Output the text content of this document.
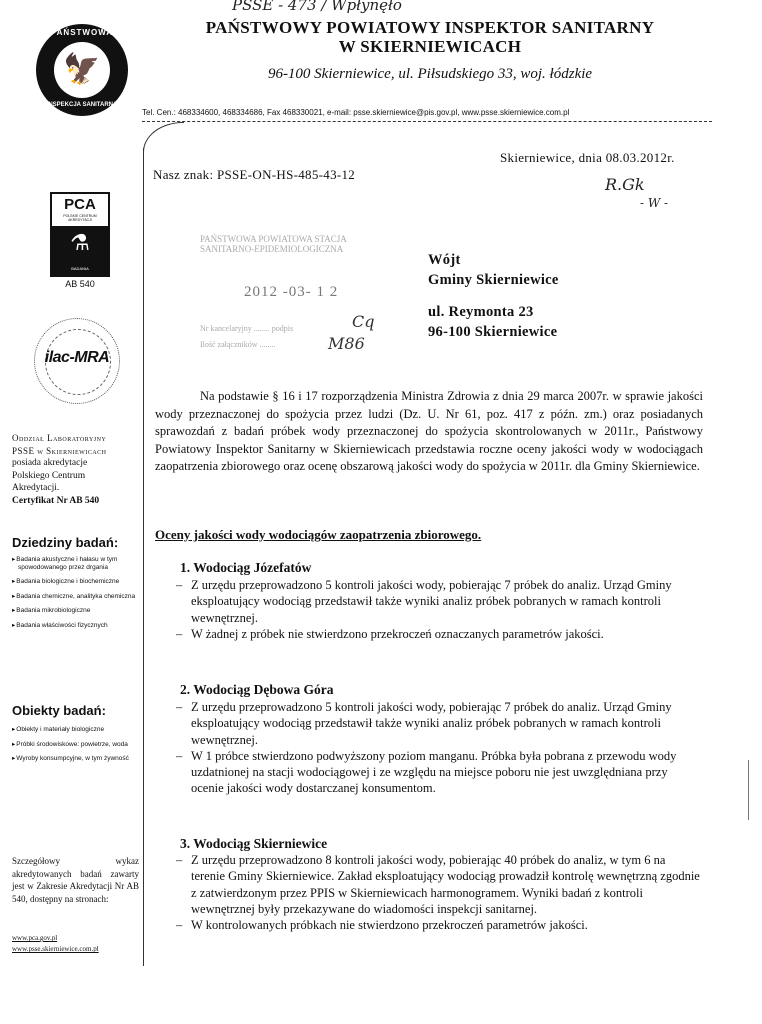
PSSE - 473 / Wpłynęło
PAŃSTWOWA
🦅
INSPEKCJA SANITARNA
PAŃSTWOWY POWIATOWY INSPEKTOR SANITARNY
W SKIERNIEWICACH
96-100 Skierniewice, ul. Piłsudskiego 33, woj. łódzkie
Tel. Cen.: 468334600, 468334686, Fax 468330021, e-mail: psse.skierniewice@pis.gov.pl, www.psse.skierniewice.com.pl
PCA
POLSKIE CENTRUM AKREDYTACJI
⚗
BADANIA
AB 540
ilac-MRA
Oddział Laboratoryjny
PSSE w Skierniewicach
posiada akredytacje
Polskiego Centrum
Akredytacji.
Certyfikat Nr AB 540
Dziedziny badań:
▸ Badania akustyczne i hałasu w tym spowodowanego przez drgania
▸ Badania biologiczne i biochemiczne
▸ Badania chemiczne, analityka chemiczna
▸ Badania mikrobiologiczne
▸ Badania właściwości fizycznych
Obiekty badań:
▸ Obiekty i materiały biologiczne
▸ Próbki środowiskowe: powietrze, woda
▸ Wyroby konsumpcyjne, w tym żywność
Szczegółowy wykaz akredytowanych badań zawarty jest w Zakresie Akredytacji Nr AB 540, dostępny na stronach:
www.pca.gov.pl
www.psse.skierniewice.com.pl
Skierniewice, dnia 08.03.2012r.
Nasz znak: PSSE-ON-HS-485-43-12
R.Gk
- W -
PAŃSTWOWA POWIATOWA STACJA SANITARNO-EPIDEMIOLOGICZNA
2012 -03- 1 2
Nr kancelaryjny ........ podpis
Ilość załączników ........
Cq
M86
Wójt
Gminy Skierniewice
ul. Reymonta 23
96-100 Skierniewice
Na podstawie § 16 i 17 rozporządzenia Ministra Zdrowia z dnia 29 marca 2007r. w sprawie jakości wody przeznaczonej do spożycia przez ludzi (Dz. U. Nr 61, poz. 417 z późn. zm.) oraz posiadanych sprawozdań z badań próbek wody przeznaczonej do spożycia skontrolowanych w 2011r., Państwowy Powiatowy Inspektor Sanitarny w Skierniewicach przedstawia roczne oceny jakości wody w wodociągach zaopatrzenia zbiorowego oraz ocenę obszarową jakości wody do spożycia w 2011r. dla Gminy Skierniewice.
Oceny jakości wody wodociągów zaopatrzenia zbiorowego.
1. Wodociąg Józefatów
– Z urzędu przeprowadzono 5 kontroli jakości wody, pobierając 7 próbek do analiz. Urząd Gminy eksploatujący wodociąg przedstawił także wyniki analiz próbek pobranych w ramach kontroli wewnętrznej.
– W żadnej z próbek nie stwierdzono przekroczeń oznaczanych parametrów jakości.
2. Wodociąg Dębowa Góra
– Z urzędu przeprowadzono 5 kontroli jakości wody, pobierając 7 próbek do analiz. Urząd Gminy eksploatujący wodociąg przedstawił także wyniki analiz próbek pobranych w ramach kontroli wewnętrznej.
– W 1 próbce stwierdzono podwyższony poziom manganu. Próbka była pobrana z przewodu wody uzdatnionej na stacji wodociągowej i ze względu na miejsce poboru nie jest uwzględniana przy ocenie jakości wody dostarczanej konsumentom.
3. Wodociąg Skierniewice
– Z urzędu przeprowadzono 8 kontroli jakości wody, pobierając 40 próbek do analiz, w tym 6 na terenie Gminy Skierniewice. Zakład eksploatujący wodociąg prowadził kontrolę wewnętrzną zgodnie z zatwierdzonym przez PPIS w Skierniewicach harmonogramem. Wyniki badań z kontroli wewnętrznej były przekazywane do wiadomości inspekcji sanitarnej.
– W kontrolowanych próbkach nie stwierdzono przekroczeń parametrów jakości.
